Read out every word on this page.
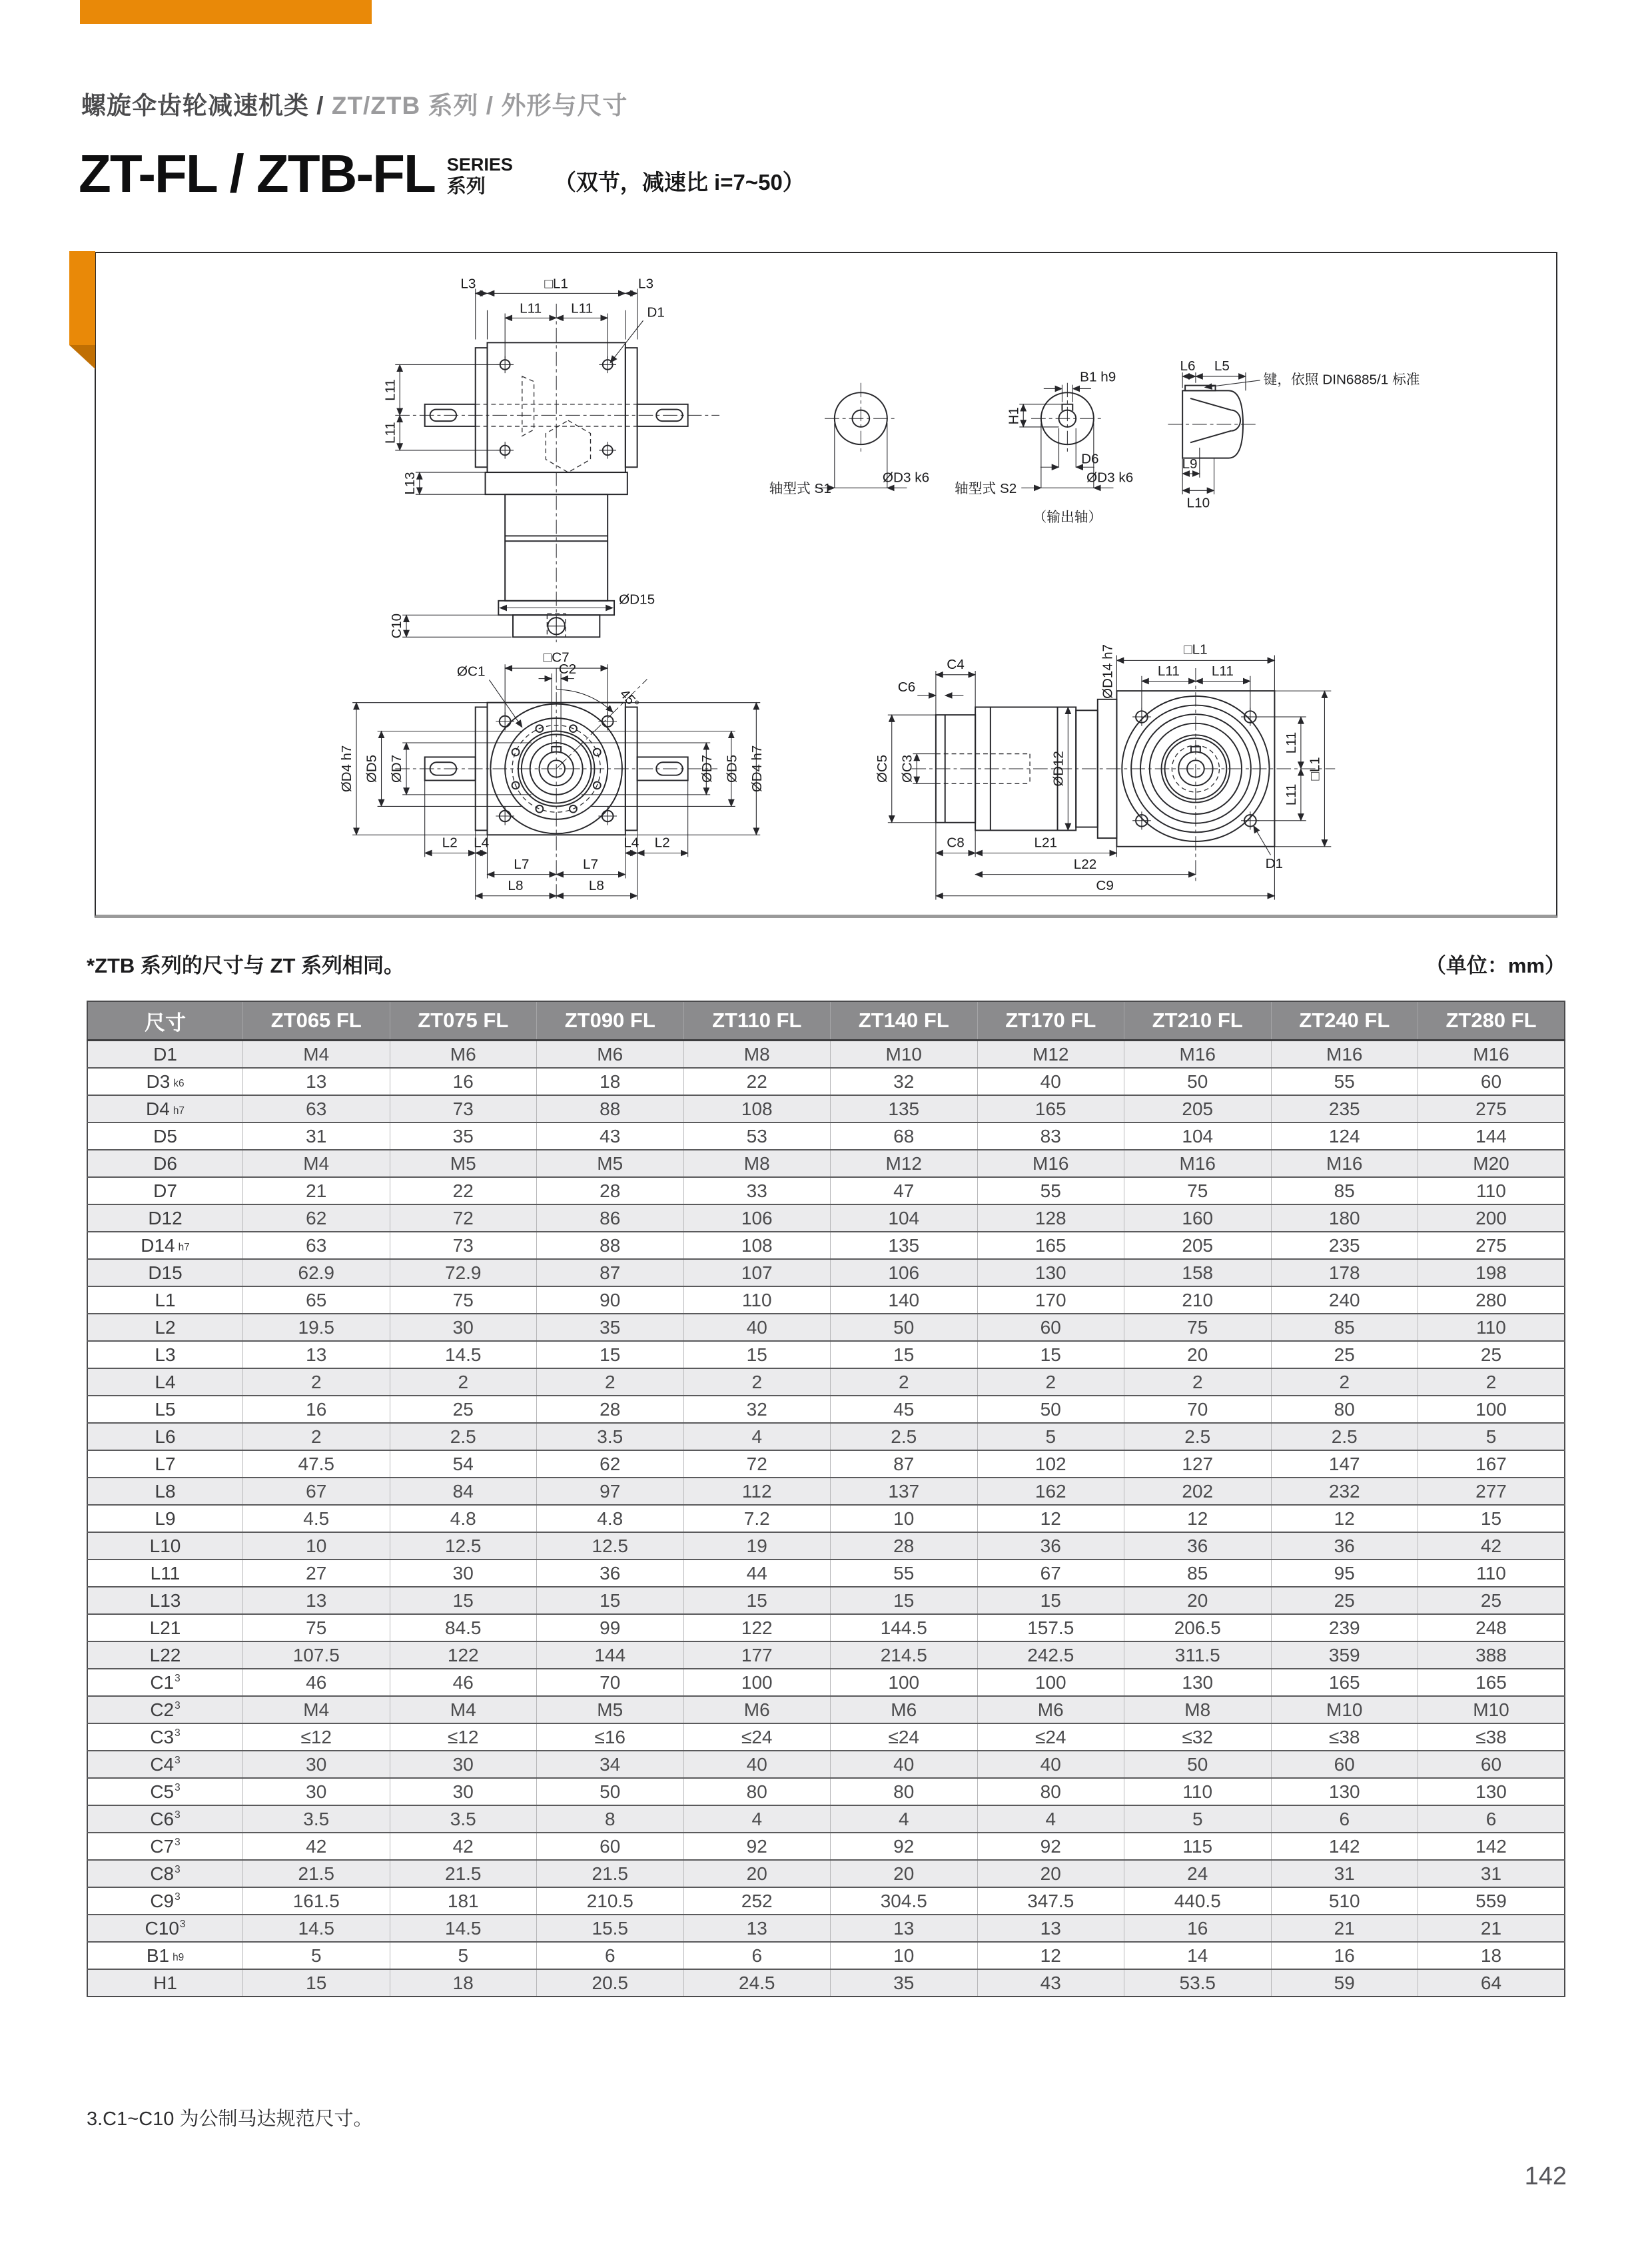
螺旋伞齿轮减速机类 / ZT/ZTB 系列 / 外形与尺寸
ZT-FL / ZTB-FL SERIES
系列	（双节，减速比 i=7~50）
L3	□L1	L3
L11 L11	D1
L11
L11
L13
ØD15
C10
轴型式 S1
ØD3 k6
B1 h9
H1
D6
轴型式 S2
ØD3 k6
（输出轴）
键，依照 DIN6885/1 标准
L6 L5
L9
L10
45°
□C7
C2
ØC1
ØD4 h7 ØD5 ØD7	ØD7 ØD5 ØD4 h7
L2 L4	L4 L2
L7	L7
L8	L8
C4
C6	ØD14 h7	□L1
L11 L11
ØC5 ØC3	ØD12
L11
L11
□L1
C8	L21
L22
C9
D1
*ZTB 系列的尺寸与 ZT 系列相同。	（单位：mm）
尺寸	ZT065 FL	ZT075 FL	ZT090 FL	ZT110 FL	ZT140 FL	ZT170 FL	ZT210 FL	ZT240 FL	ZT280 FL
D1	M4	M6	M6	M8	M10	M12	M16	M16	M16
D3 k6	13	16	18	22	32	40	50	55	60
D4 h7	63	73	88	108	135	165	205	235	275
D5	31	35	43	53	68	83	104	124	144
D6	M4	M5	M5	M8	M12	M16	M16	M16	M20
D7	21	22	28	33	47	55	75	85	110
D12	62	72	86	106	104	128	160	180	200
D14 h7	63	73	88	108	135	165	205	235	275
D15	62.9	72.9	87	107	106	130	158	178	198
L1	65	75	90	110	140	170	210	240	280
L2	19.5	30	35	40	50	60	75	85	110
L3	13	14.5	15	15	15	15	20	25	25
L4	2	2	2	2	2	2	2	2	2
L5	16	25	28	32	45	50	70	80	100
L6	2	2.5	3.5	4	2.5	5	2.5	2.5	5
L7	47.5	54	62	72	87	102	127	147	167
L8	67	84	97	112	137	162	202	232	277
L9	4.5	4.8	4.8	7.2	10	12	12	12	15
L10	10	12.5	12.5	19	28	36	36	36	42
L11	27	30	36	44	55	67	85	95	110
L13	13	15	15	15	15	15	20	25	25
L21	75	84.5	99	122	144.5	157.5	206.5	239	248
L22	107.5	122	144	177	214.5	242.5	311.5	359	388
$C1^3$	46	46	70	100	100	100	130	165	165
$C2^3$	M4	M4	M5	M6	M6	M6	M8	M10	M10
$C3^3$	≤12	≤12	≤16	≤24	≤24	≤24	≤32	≤38	≤38
$C4^3$	30	30	34	40	40	40	50	60	60
$C5^3$	30	30	50	80	80	80	110	130	130
$C6^3$	3.5	3.5	8	4	4	4	5	6	6
$C7^3$	42	42	60	92	92	92	115	142	142
$C8^3$	21.5	21.5	21.5	20	20	20	24	31	31
$C9^3$	161.5	181	210.5	252	304.5	347.5	440.5	510	559
$C10^3$	14.5	14.5	15.5	13	13	13	16	21	21
B1 h9	5	5	6	6	10	12	14	16	18
H1	15	18	20.5	24.5	35	43	53.5	59	64
3.C1~C10 为公制马达规范尺寸。
142
